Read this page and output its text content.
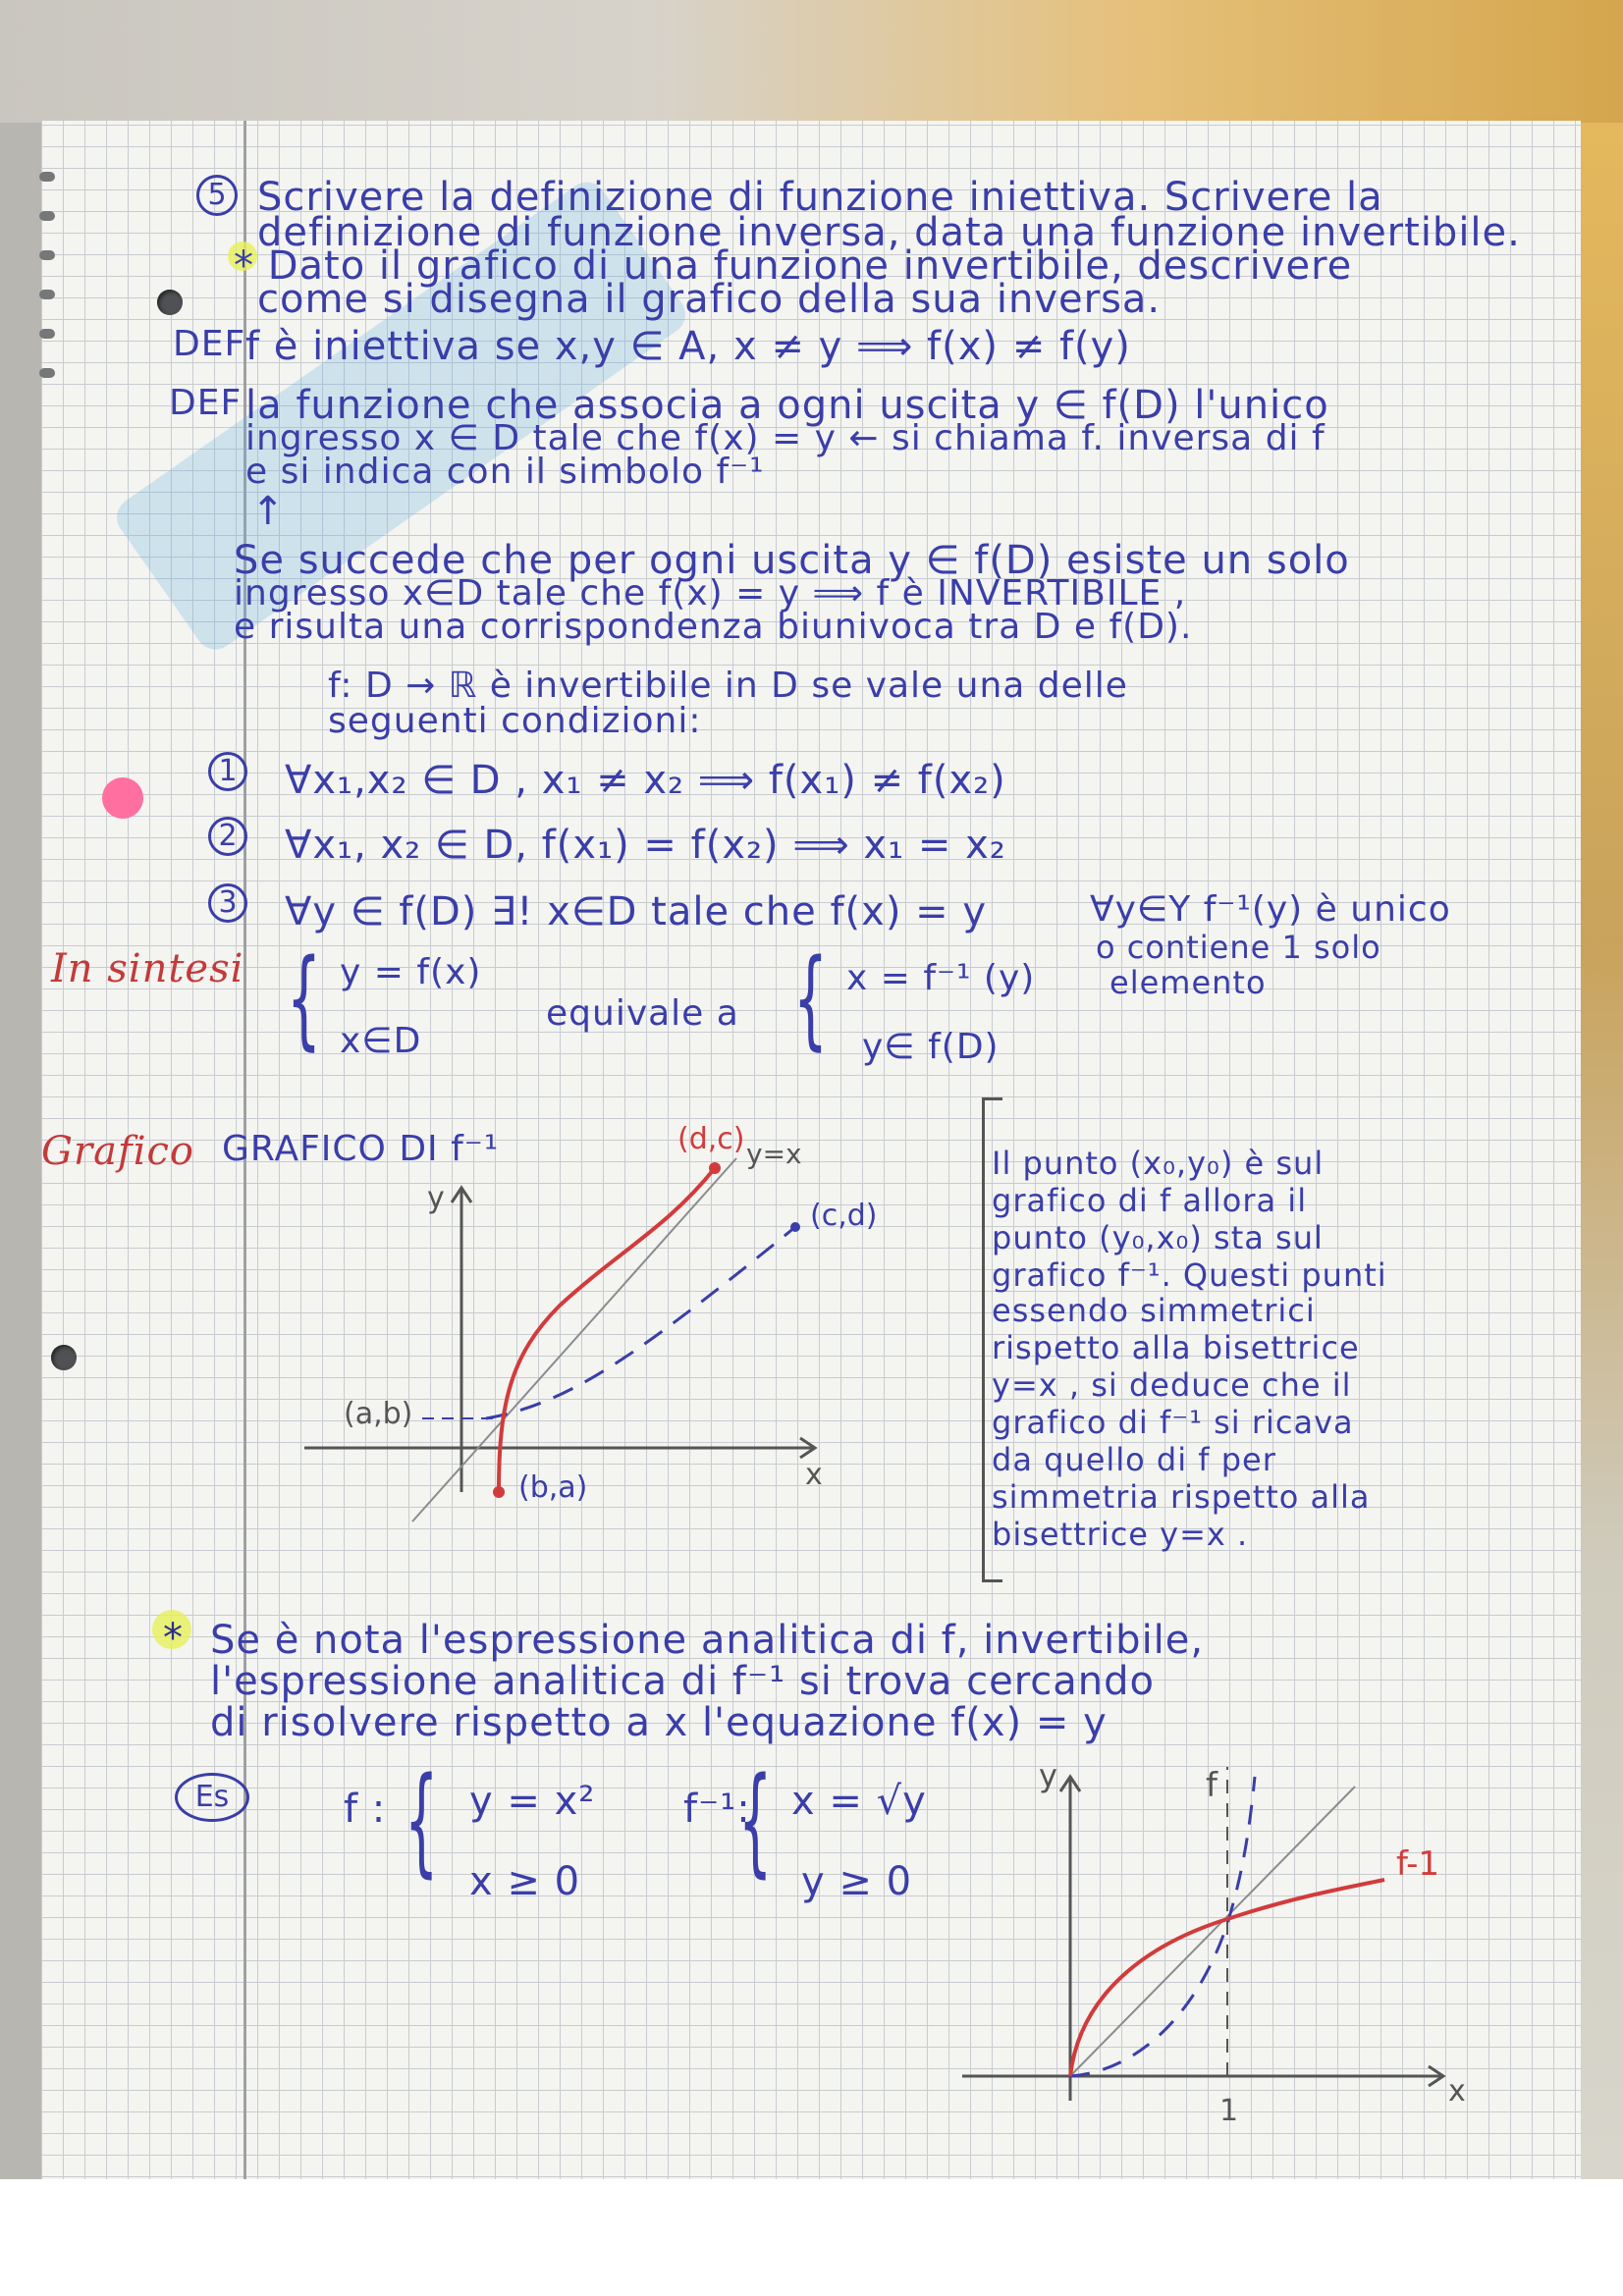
5 Scrivere la definizione di funzione iniettiva. Scrivere la
definizione di funzione inversa, data una funzione invertibile.
* Dato il grafico di una funzione invertibile, descrivere
come si disegna il grafico della sua inversa.
DEF f è iniettiva se x,y ∈ A, x ≠ y ⟹ f(x) ≠ f(y)
DEF la funzione che associa a ogni uscita y ∈ f(D) l'unico
ingresso x ∈ D tale che f(x) = y ← si chiama f. inversa di f
e si indica con il simbolo f⁻¹
↑
Se succede che per ogni uscita y ∈ f(D) esiste un solo
ingresso x∈D tale che f(x) = y ⟹ f è INVERTIBILE ,
e risulta una corrispondenza biunivoca tra D e f(D).
f: D → ℝ è invertibile in D se vale una delle
seguenti condizioni:
1 ∀x₁,x₂ ∈ D , x₁ ≠ x₂ ⟹ f(x₁) ≠ f(x₂)
2 ∀x₁, x₂ ∈ D, f(x₁) = f(x₂) ⟹ x₁ = x₂
3 ∀y ∈ f(D) ∃! x∈D tale che f(x) = y	∀y∈Y f⁻¹(y) è unico
o contiene 1 solo
elemento
In sintesi { y = f(x)
x∈D
equivale a { x = f⁻¹ (y)
y∈ f(D)
Grafico GRAFICO DI f⁻¹	(d,c) y=x
(c,d)
(a,b)
(b,a)
y
x
Il punto (x₀,y₀) è sul
grafico di f allora il
punto (y₀,x₀) sta sul
grafico f⁻¹. Questi punti
essendo simmetrici
rispetto alla bisettrice
y=x , si deduce che il
grafico di f⁻¹ si ricava
da quello di f per
simmetria rispetto alla
bisettrice y=x .
* Se è nota l'espressione analitica di f, invertibile,
l'espressione analitica di f⁻¹ si trova cercando
di risolvere rispetto a x l'equazione f(x) = y
Es	f : { y = x²
x ≥ 0
f⁻¹:
{ x = √y
y ≥ 0
y
x
f
f-1
1
